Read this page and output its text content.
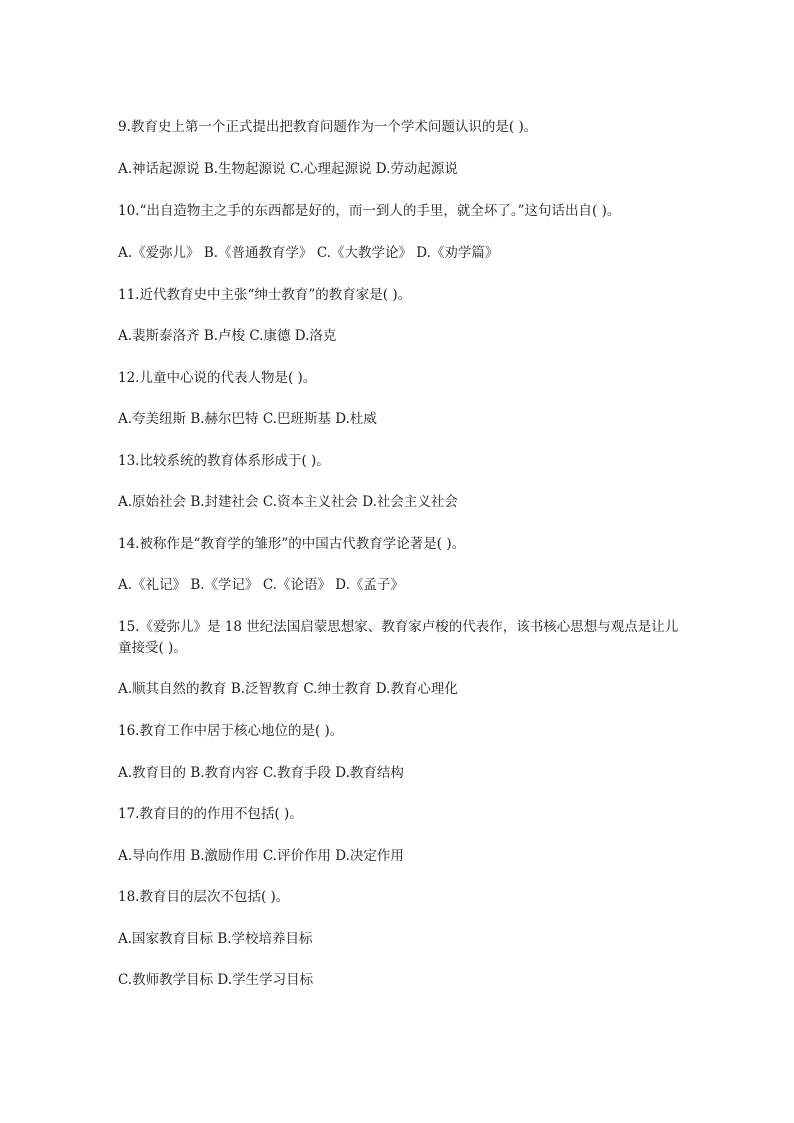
9.教育史上第一个正式提出把教育问题作为一个学术问题认识的是( )。
A.神话起源说 B.生物起源说 C.心理起源说 D.劳动起源说
10.“出自造物主之手的东西都是好的，而一到人的手里，就全坏了。”这句话出自( )。
A.《爱弥儿》 B.《普通教育学》 C.《大教学论》 D.《劝学篇》
11.近代教育史中主张“绅士教育”的教育家是( )。
A.裴斯泰洛齐 B.卢梭 C.康德 D.洛克
12.儿童中心说的代表人物是( )。
A.夸美纽斯 B.赫尔巴特 C.巴班斯基 D.杜威
13.比较系统的教育体系形成于( )。
A.原始社会 B.封建社会 C.资本主义社会 D.社会主义社会
14.被称作是“教育学的雏形”的中国古代教育学论著是( )。
A.《礼记》 B.《学记》 C.《论语》 D.《孟子》
15.《爱弥儿》是 18 世纪法国启蒙思想家、教育家卢梭的代表作，该书核心思想与观点是让儿童接受( )。
A.顺其自然的教育 B.泛智教育 C.绅士教育 D.教育心理化
16.教育工作中居于核心地位的是( )。
A.教育目的 B.教育内容 C.教育手段 D.教育结构
17.教育目的的作用不包括( )。
A.导向作用 B.激励作用 C.评价作用 D.决定作用
18.教育目的层次不包括( )。
A.国家教育目标 B.学校培养目标
C.教师教学目标 D.学生学习目标
